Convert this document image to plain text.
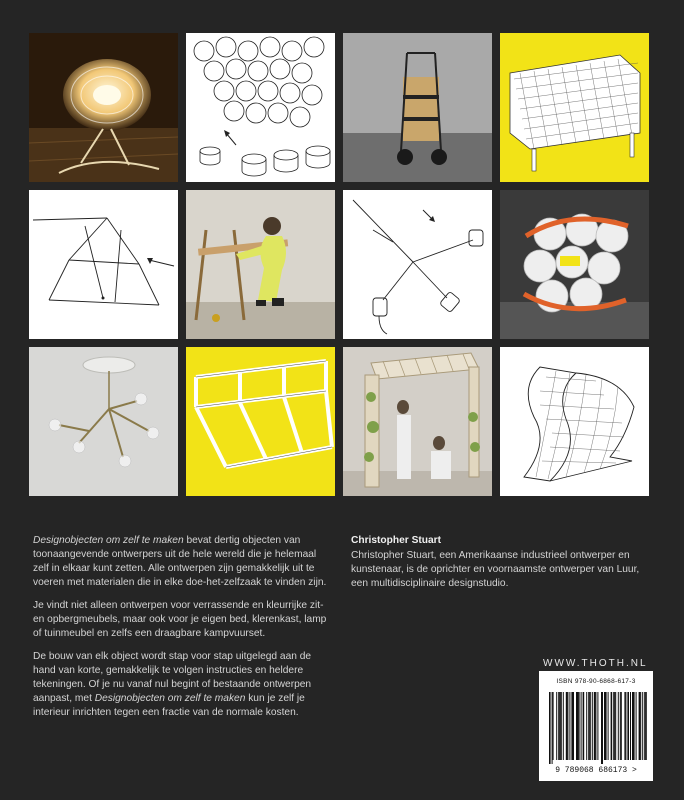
Designobjecten om zelf te maken bevat dertig objecten van toonaangevende ontwerpers uit de hele wereld die je helemaal zelf in elkaar kunt zetten. Alle ontwerpen zijn gemakkelijk uit te voeren met materialen die in elke doe-het-zelfzaak te vinden zijn.

Je vindt niet alleen ontwerpen voor verrassende en kleurrijke zit- en opbergmeubels, maar ook voor je eigen bed, klerenkast, lamp of tuinmeubel en zelfs een draagbare kampvuurset.

De bouw van elk object wordt stap voor stap uitgelegd aan de hand van korte, gemakkelijk te volgen instructies en heldere tekeningen. Of je nu vanaf nul begint of bestaande ontwerpen aanpast, met Designobjecten om zelf te maken kun je zelf je interieur inrichten tegen een fractie van de normale kosten.

Christopher Stuart
Christopher Stuart, een Amerikaanse industrieel ontwerper en kunstenaar, is de oprichter en voornaamste ontwerper van Luur, een multidisciplinaire designstudio.
WWW.THOTH.NL
ISBN 978-90-6868-617-3
9 789068 686173 >
